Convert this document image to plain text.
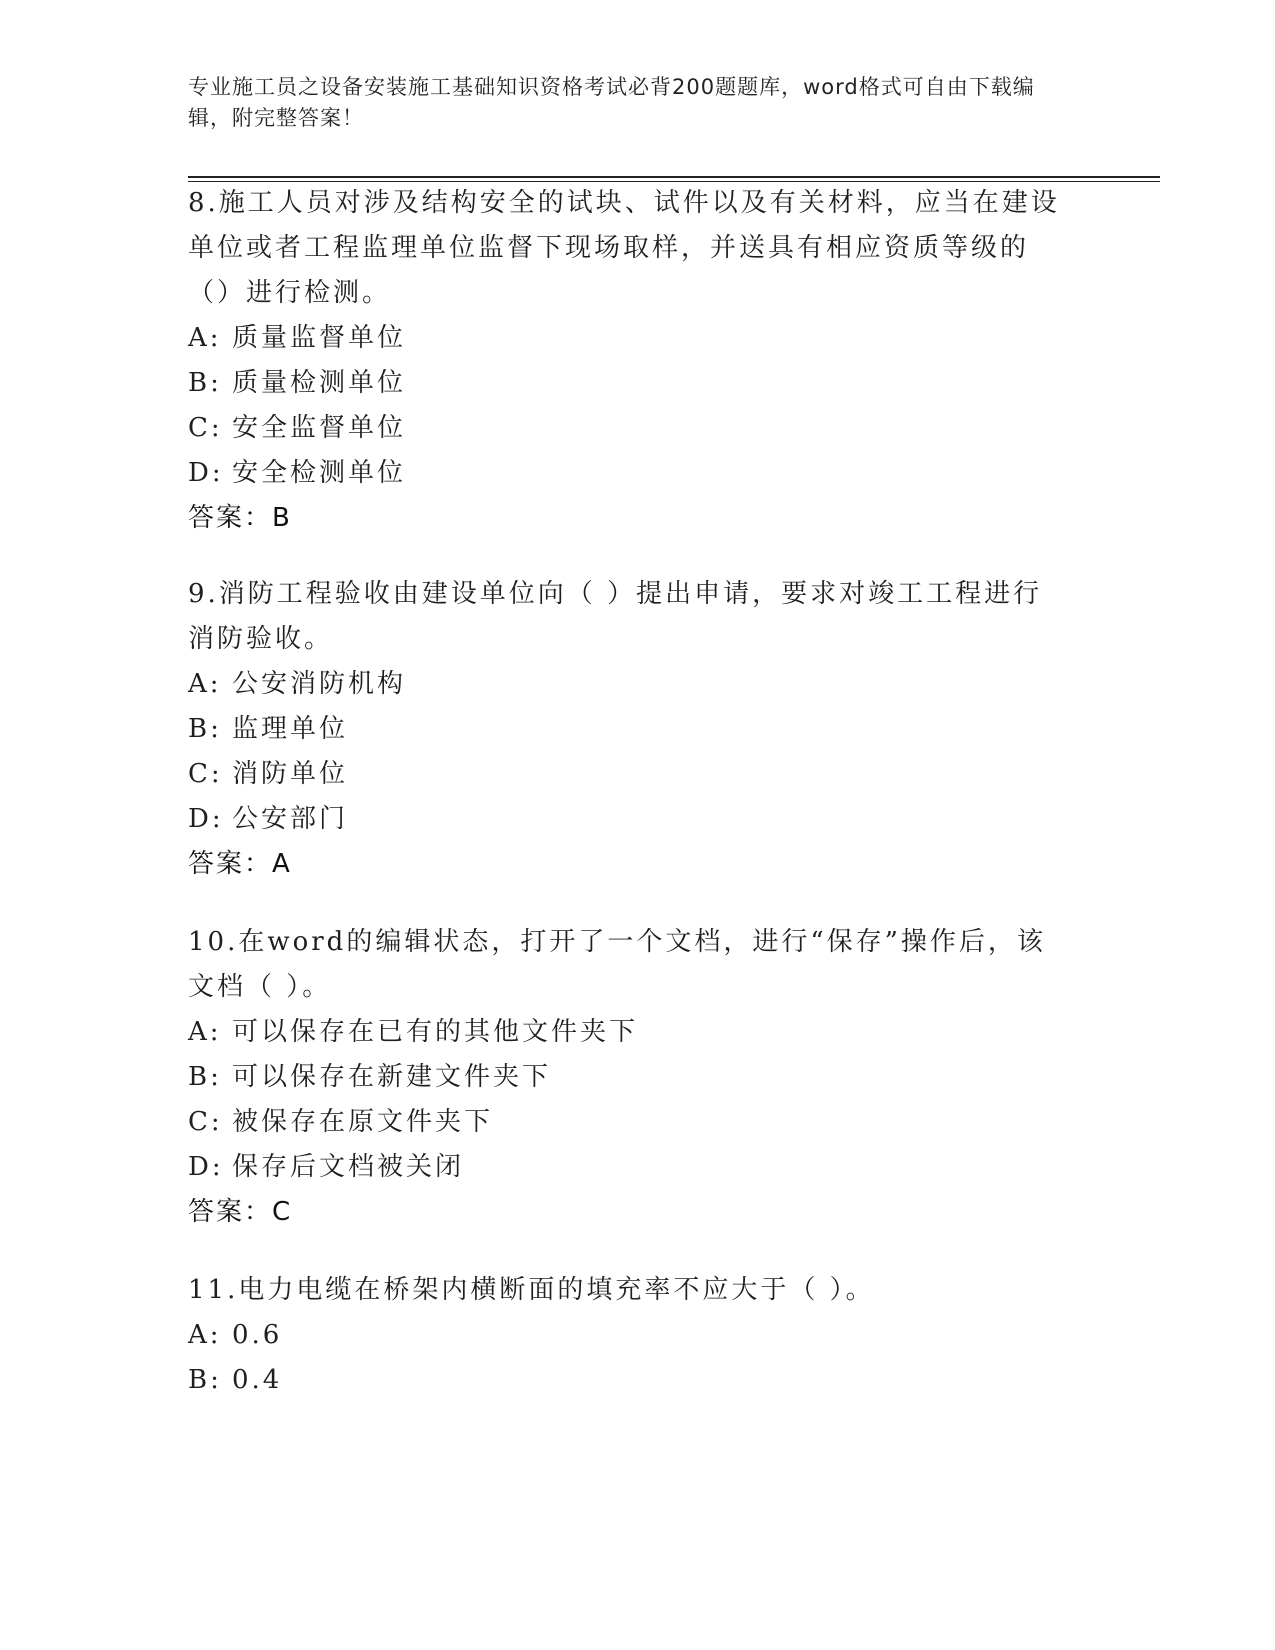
专业施工员之设备安装施工基础知识资格考试必背200题题库，word格式可自由下载编辑，附完整答案！

8.施工人员对涉及结构安全的试块、试件以及有关材料，应当在建设单位或者工程监理单位监督下现场取样，并送具有相应资质等级的（）进行检测。

A: 质量监督单位

B: 质量检测单位

C: 安全监督单位

D: 安全检测单位

答案：B

9.消防工程验收由建设单位向（ ）提出申请，要求对竣工工程进行消防验收。

A: 公安消防机构

B: 监理单位

C: 消防单位

D: 公安部门

答案：A

10.在word的编辑状态，打开了一个文档，进行“保存”操作后，该文档（ ）。

A: 可以保存在已有的其他文件夹下

B: 可以保存在新建文件夹下

C: 被保存在原文件夹下

D: 保存后文档被关闭

答案：C

11.电力电缆在桥架内横断面的填充率不应大于（ ）。

A: 0.6

B: 0.4
